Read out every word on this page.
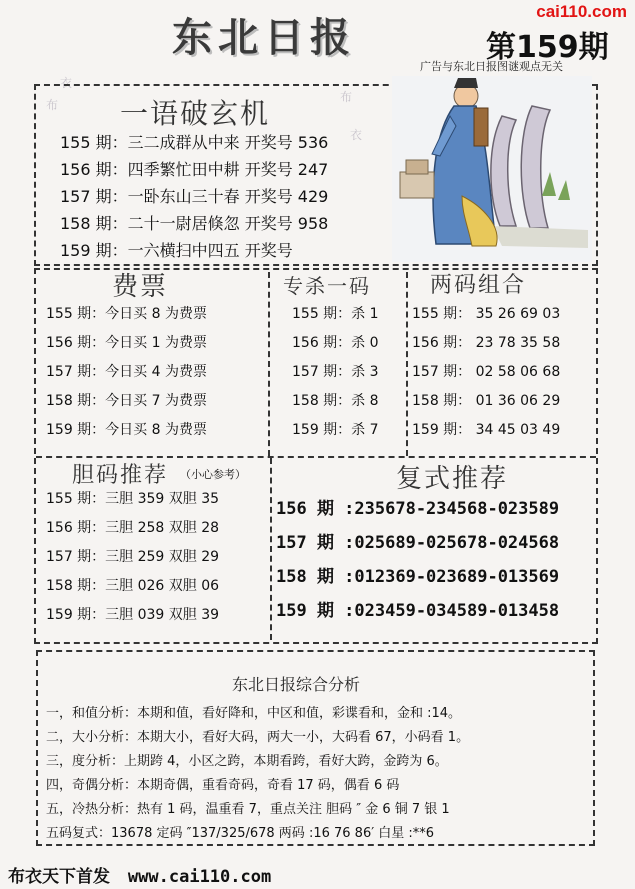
cai110.com
东北日报	第159期
广告与东北日报图谜观点无关
布
衣
布
衣
一语破玄机
155 期：三二成群从中来 开奖号 536
156 期：四季繁忙田中耕 开奖号 247
157 期：一卧东山三十春 开奖号 429
158 期：二十一尉居倏忽 开奖号 958
159 期：一六横扫中四五 开奖号
费票
155 期：今日买 8 为费票
156 期：今日买 1 为费票
157 期：今日买 4 为费票
158 期：今日买 7 为费票
159 期：今日买 8 为费票
专杀一码
155 期：杀 1
156 期：杀 0
157 期：杀 3
158 期：杀 8
159 期：杀 7
两码组合
155 期： 35 26 69 03
156 期： 23 78 35 58
157 期： 02 58 06 68
158 期： 01 36 06 29
159 期： 34 45 03 49
胆码推荐 （小心参考）
155 期：三胆 359 双胆 35
156 期：三胆 258 双胆 28
157 期：三胆 259 双胆 29
158 期：三胆 026 双胆 06
159 期：三胆 039 双胆 39
复式推荐
156 期 :235678-234568-023589
157 期 :025689-025678-024568
158 期 :012369-023689-013569
159 期 :023459-034589-013458
东北日报综合分析
一，和值分析：本期和值，看好降和，中区和值，彩谍看和，金和 :14。
二，大小分析：本期大小，看好大码，两大一小，大码看 67，小码看 1。
三，度分析：上期跨 4，小区之跨，本期看跨，看好大跨，金跨为 6。
四，奇偶分析：本期奇偶，重看奇码，奇看 17 码，偶看 6 码
五，冷热分析：热有 1 码，温重看 7，重点关注 胆码 ″ 金 6 铜 7 银 1
五码复式：13678 定码 ″137/325/678 两码 :16 76 86′ 白星 :**6
布衣天下首发 www.cai110.com
